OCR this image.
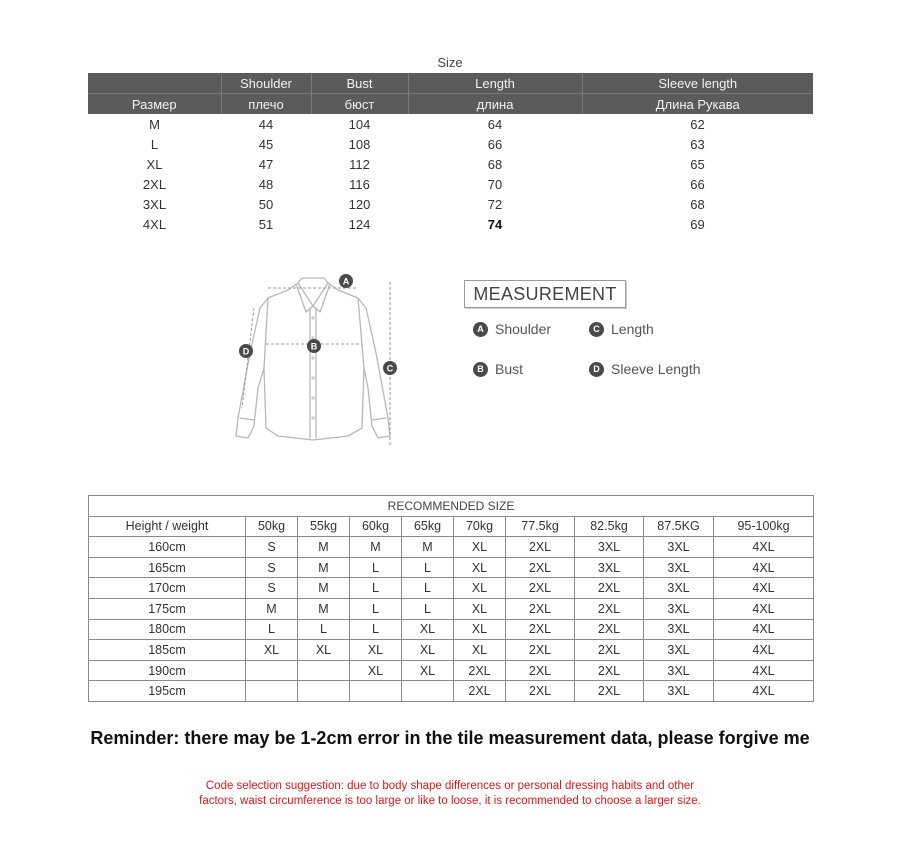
Size
	Shoulder	Bust	Length	Sleeve length
Размер	плечо	бюст	длина	Длина Рукава
M	44	104	64	62
L	45	108	66	63
XL	47	112	68	65
2XL	48	116	70	66
3XL	50	120	72	68
4XL	51	124	74	69
A
B
C
D
MEASUREMENT
A Shoulder	C Length
B Bust	D Sleeve Length
RECOMMENDED SIZE									
Height / weight	50kg	55kg	60kg	65kg	70kg	77.5kg	82.5kg	87.5KG	95-100kg
160cm	S	M	M	M	XL	2XL	3XL	3XL	4XL
165cm	S	M	L	L	XL	2XL	3XL	3XL	4XL
170cm	S	M	L	L	XL	2XL	2XL	3XL	4XL
175cm	M	M	L	L	XL	2XL	2XL	3XL	4XL
180cm	L	L	L	XL	XL	2XL	2XL	3XL	4XL
185cm	XL	XL	XL	XL	XL	2XL	2XL	3XL	4XL
190cm			XL	XL	2XL	2XL	2XL	3XL	4XL
195cm					2XL	2XL	2XL	3XL	4XL
Reminder: there may be 1-2cm error in the tile measurement data, please forgive me
Code selection suggestion: due to body shape differences or personal dressing habits and other factors, waist circumference is too large or like to loose, it is recommended to choose a larger size.
